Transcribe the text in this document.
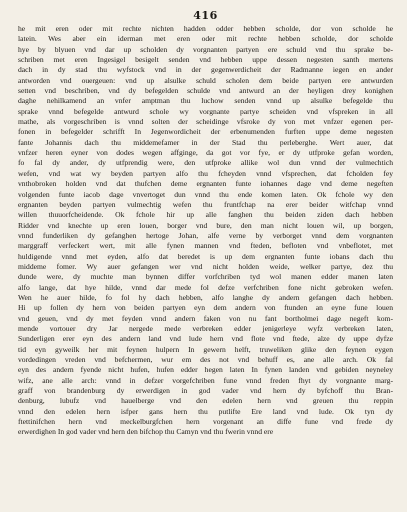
416
he mit eren oder mit rechte nichten hadden odder hebben scholde, dor von scholde he
latein. Wes aber ein iderman met eren oder mit rechte hebben scholde, dor scholde
hye by blyuen vnd dar up scholden dy vorgnanten partyen ere schuld vnd thu sprake be-
schriben met eren Ingesigel besigelt senden vnd hebben uppe dessen negesten santh mertens
dach in dy stad thu wyfstock vnd in der gegenwerdicheit der Radmanne iegen en ander
antworden vnd ouergeuen: vnd up alsulke schuld scholen dem beide partyen ere antwurden
setten vnd beschriben, vnd dy befegelden schulde vnd antwurd an der heyligen drey konighen
daghe nehilkamend an vnfer amptman thu luchow senden vnnd up alsulke befegelde thu
sprake vnnd befegelde antwurd schole wy vorgnante partye scheiden vnd vfspreken in all
mathe, als vorgeschriben is vnnd solten der scheidinge vfsroke dy von met vnfzer egenen per-
fonen in befegelder schrifft In Jegenwordicheit der erbenumenden furften uppe deme negesten
fante Johannis dach thu middemefamer in der Stad thu perleberghe. Wert auer, dat
vnfzer heren eyner von dodes wegen affginge, da got vor fye, er dy utfproke gefan worden,
fo fal dy ander, dy utfprendig were, den utfproke allike wol dun vnnd der vulmechtich
wefen, vnd wat wy beyden partyen alfo thu fcheyden vnnd vfsprechen, dat fcholden fey
vnthobroken holden vnd dat thufchen deme ergnanten funte iohannes dage vnd deme negeften
volgenden funte iacob dage vnvertoget dun vnnd thu ende komen laten. Ok fchole wy den
ergnanten beyden partyen vulmechtig wefen thu fruntfchap na erer beider witfchap vnnd
willen thuuorfcheidende. Ok fchole hir up alle fanghen thu beiden ziden dach hebben
Ridder vnd knechte up eren louen, borger vnd bure, den man nicht louen wil, up borgen,
vnnd funderliken dy gefanghen hertoge Johan, alfe verne by verborget vnnd dem vorgnanten
marggraff verfeckert wert, mit alle fynen mannen vnd fteden, befloten vnd vnbeflotet, met
huldigende vnnd met eyden, alfo dat beredet is up dem ergnanten funte iobans dach thu
middeme fomer. Wy auer gefangen wer vnd nicht holden weide, welker partye, dez thu
dunde were, dy muchte man bynnen differ vorfchriben tyd wol manen edder manen laten
alfo lange, dat hye hilde, vnnd dar mede fol defze verfchriben fone nicht gebroken wefen.
Wen he auer hilde, fo fol hy dach hebben, alfo langhe dy andern gefangen dach hebben.
Hi up follen dy hern von beiden partyen eyn dem andern von ftunden an eyne fune louen
vnd geuen, vnd dy met feyden vnnd andern faken von nu fant bortholmei dage negeft kom-
mende vortouer dry Jar nergede mede verbreken edder jenigerleye wyfz verbreken laten,
Sunderligen erer eyn des andern land vnd lude hern vnd flote vnd ftede, alze dy uppe dyfze
tid eyn gyweilk her mit feynen hulpern In gewern helft, truweliken glike den feynen eygen
vordedingen vreden vnd befchermen, wur em des not vnd behuff es, ane alle arch. Ok fal
eyn des andern fyende nicht hufen, hufen edder hegen laten In fynen landen vnd gebiden neyneley
wifz, ane alle arch: vnnd in defzer vorgefchriben fune vnnd freden fhyt dy vorgnante marg-
graff von brandenburg dy erwerdigen in god vader vnd hern dy byfchoff thu Bran-
denburg, lubufz vnd hauelberge vnd den edelen hern vnd greuen thu reppin
vnnd den edelen hern isfper gans hern thu putlifte Ere land vnd lude. Ok tyn dy
ftettinifchen hern vnd meckelburgfchen hern vorgenant an diffe fune vnd frede dy
erwerdighen In god vader vnd hern den bifchop thu Camyn vnd thu fwerin vnnd ere
